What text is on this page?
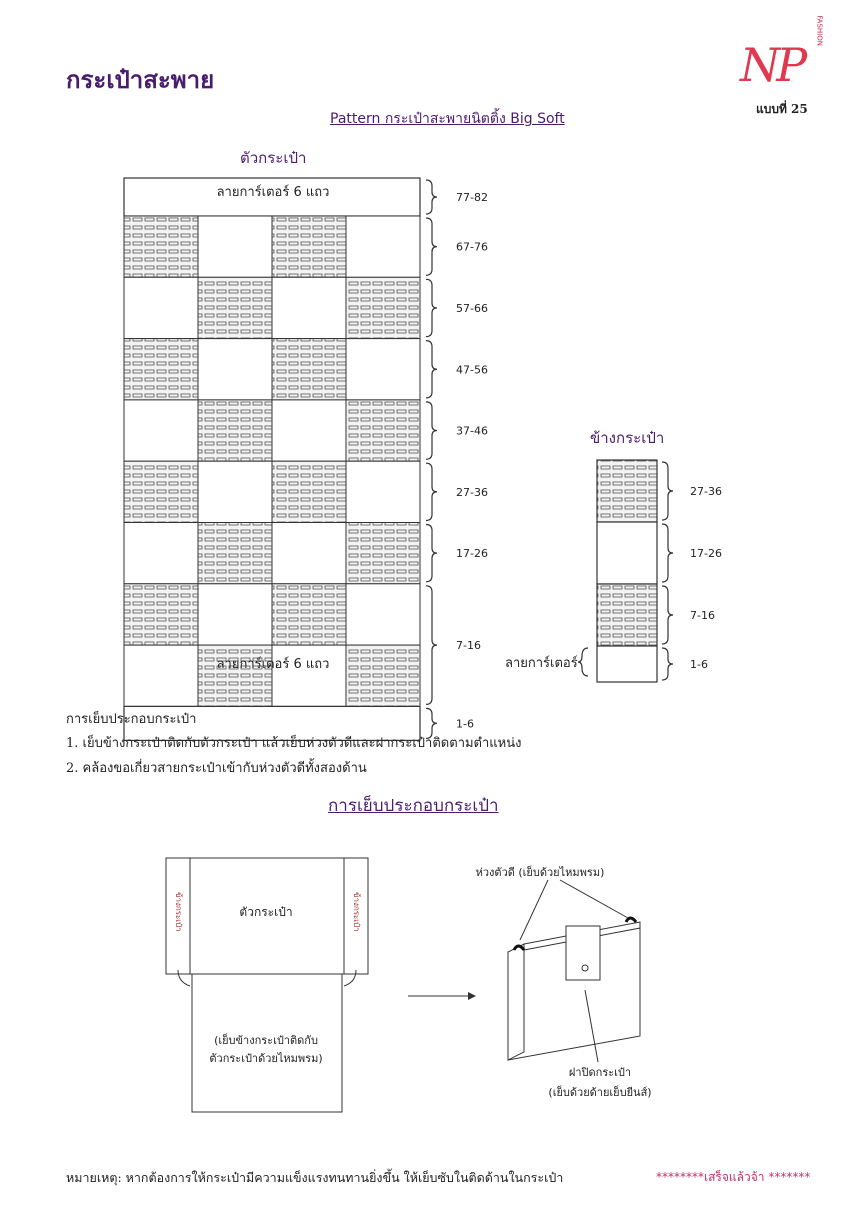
กระเป๋าสะพาย	NP
FASHION
แบบที่ 25
Pattern กระเป๋าสะพายนิตติ้ง Big Soft
ตัวกระเป๋า
ข้างกระเป๋า
77-82
67-76
57-66
47-56
37-46
27-36
17-26
7-16
1-6
27-36
17-26
7-16
1-6
ลายการ์เตอร์ 6 แถว
ลายการ์เตอร์ 6 แถว	ลายการ์เตอร์
การเย็บประกอบกระเป๋า
1. เย็บข้างกระเป๋าติดกับตัวกระเป๋า แล้วเย็บห่วงตัวดีและฝากระเป๋าติดตามตำแหน่ง
2. คล้องขอเกี่ยวสายกระเป๋าเข้ากับห่วงตัวดีทั้งสองด้าน
การเย็บประกอบกระเป๋า
ตัวกระเป๋า
ข้างกระเป๋า	ข้างกระเป๋า
(เย็บข้างกระเป๋าติดกับ
ตัวกระเป๋าด้วยไหมพรม)
ห่วงตัวดี (เย็บด้วยไหมพรม)
ฝาปิดกระเป๋า
(เย็บด้วยด้ายเย็บยีนส์)
หมายเหตุ: หากต้องการให้กระเป๋ามีความแข็งแรงทนทานยิ่งขึ้น ให้เย็บซับในติดด้านในกระเป๋า	********เสร็จแล้วจ้า *******
